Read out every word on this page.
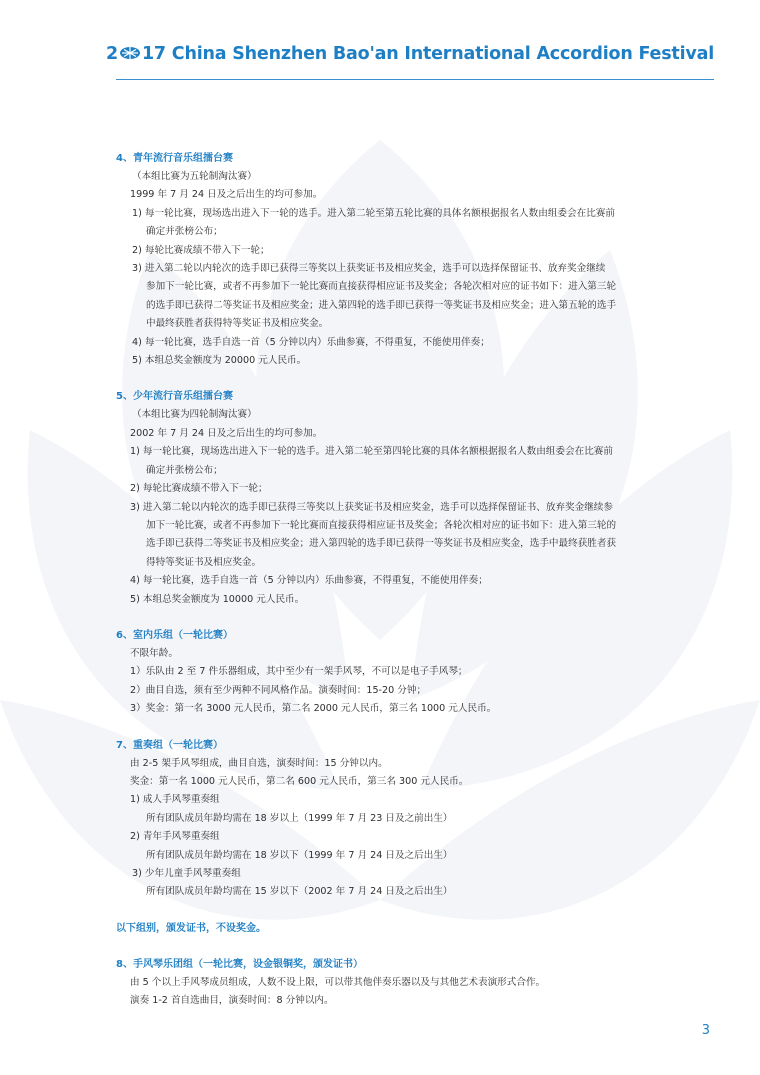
2 17 China Shenzhen Bao'an International Accordion Festival
4、青年流行音乐组擂台赛
（本组比赛为五轮制淘汰赛）
1999 年 7 月 24 日及之后出生的均可参加。
1) 每一轮比赛，现场选出进入下一轮的选手。进入第二轮至第五轮比赛的具体名额根据报名人数由组委会在比赛前
确定并张榜公布；
2) 每轮比赛成绩不带入下一轮；
3) 进入第二轮以内轮次的选手即已获得三等奖以上获奖证书及相应奖金，选手可以选择保留证书、放弃奖金继续
参加下一轮比赛，或者不再参加下一轮比赛而直接获得相应证书及奖金；各轮次相对应的证书如下：进入第三轮
的选手即已获得二等奖证书及相应奖金；进入第四轮的选手即已获得一等奖证书及相应奖金；进入第五轮的选手
中最终获胜者获得特等奖证书及相应奖金。
4) 每一轮比赛，选手自选一首（5 分钟以内）乐曲参赛，不得重复，不能使用伴奏；
5) 本组总奖金额度为 20000 元人民币。
5、少年流行音乐组擂台赛
（本组比赛为四轮制淘汰赛）
2002 年 7 月 24 日及之后出生的均可参加。
1) 每一轮比赛，现场选出进入下一轮的选手。进入第二轮至第四轮比赛的具体名额根据报名人数由组委会在比赛前
确定并张榜公布；
2) 每轮比赛成绩不带入下一轮；
3) 进入第二轮以内轮次的选手即已获得三等奖以上获奖证书及相应奖金，选手可以选择保留证书、放弃奖金继续参
加下一轮比赛，或者不再参加下一轮比赛而直接获得相应证书及奖金；各轮次相对应的证书如下：进入第三轮的
选手即已获得二等奖证书及相应奖金；进入第四轮的选手即已获得一等奖证书及相应奖金，选手中最终获胜者获
得特等奖证书及相应奖金。
4) 每一轮比赛，选手自选一首（5 分钟以内）乐曲参赛，不得重复，不能使用伴奏；
5) 本组总奖金额度为 10000 元人民币。
6、室内乐组（一轮比赛）
不限年龄。
1）乐队由 2 至 7 件乐器组成，其中至少有一架手风琴，不可以是电子手风琴；
2）曲目自选，须有至少两种不同风格作品。演奏时间：15-20 分钟；
3）奖金：第一名 3000 元人民币，第二名 2000 元人民币，第三名 1000 元人民币。
7、重奏组（一轮比赛）
由 2-5 架手风琴组成，曲目自选，演奏时间：15 分钟以内。
奖金：第一名 1000 元人民币，第二名 600 元人民币，第三名 300 元人民币。
1) 成人手风琴重奏组
所有团队成员年龄均需在 18 岁以上（1999 年 7 月 23 日及之前出生）
2) 青年手风琴重奏组
所有团队成员年龄均需在 18 岁以下（1999 年 7 月 24 日及之后出生）
3) 少年儿童手风琴重奏组
所有团队成员年龄均需在 15 岁以下（2002 年 7 月 24 日及之后出生）
以下组别，颁发证书，不设奖金。
8、手风琴乐团组（一轮比赛，设金银铜奖，颁发证书）
由 5 个以上手风琴成员组成，人数不设上限，可以带其他伴奏乐器以及与其他艺术表演形式合作。
演奏 1-2 首自选曲目，演奏时间：8 分钟以内。
3
